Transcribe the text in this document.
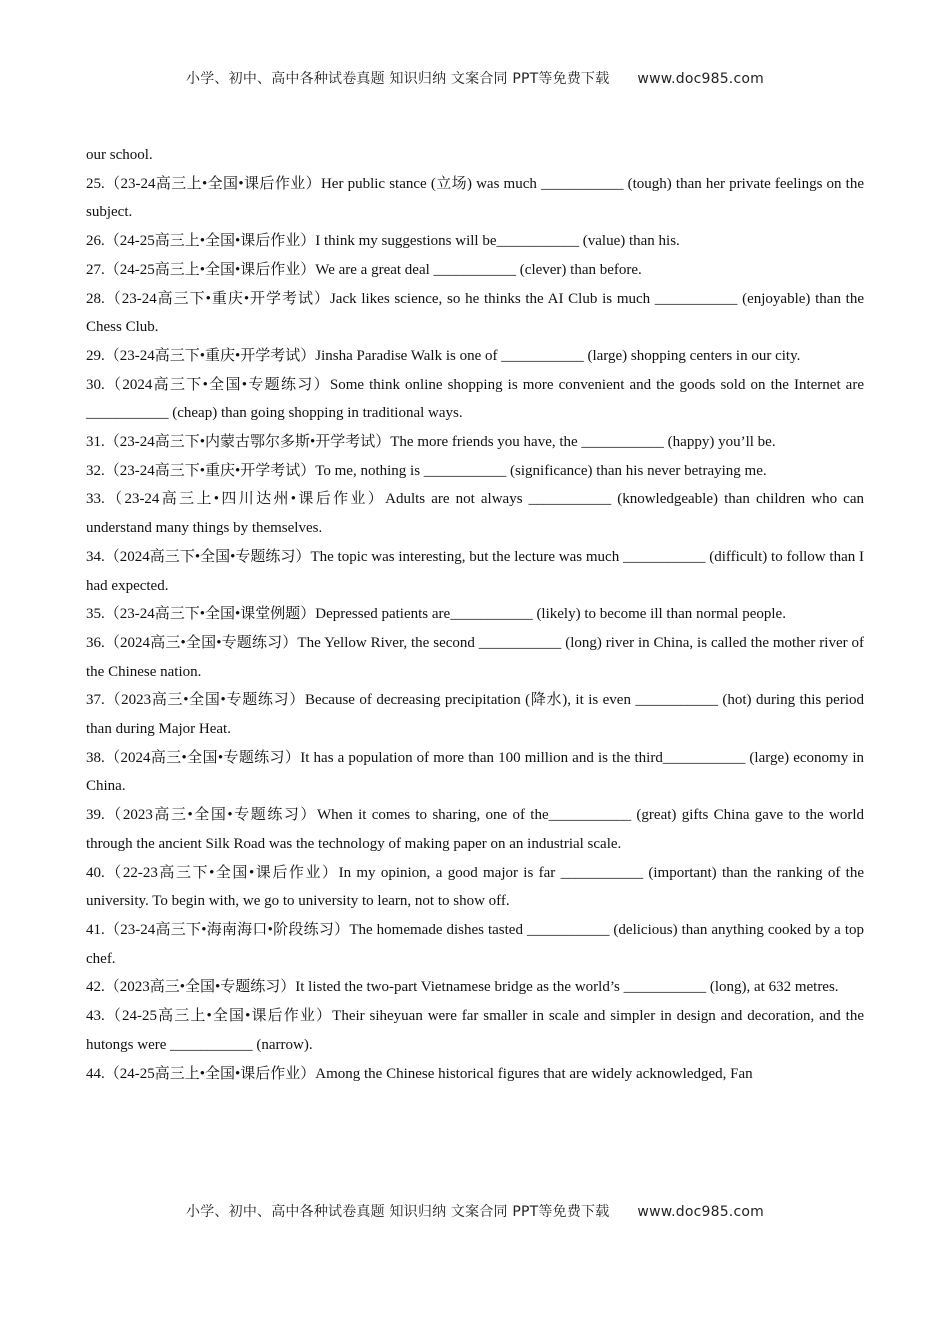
小学、初中、高中各种试卷真题 知识归纳 文案合同 PPT等免费下载 www.doc985.com

our school.

25.（23-24高三上•全国•课后作业）Her public stance (立场) was much ___________ (tough) than her private feelings on the subject.

26.（24-25高三上•全国•课后作业）I think my suggestions will be___________ (value) than his.

27.（24-25高三上•全国•课后作业）We are a great deal ___________ (clever) than before.

28.（23-24高三下•重庆•开学考试）Jack likes science, so he thinks the AI Club is much ___________ (enjoyable) than the Chess Club.

29.（23-24高三下•重庆•开学考试）Jinsha Paradise Walk is one of ___________ (large) shopping centers in our city.

30.（2024高三下•全国•专题练习）Some think online shopping is more convenient and the goods sold on the Internet are ___________ (cheap) than going shopping in traditional ways.

31.（23-24高三下•内蒙古鄂尔多斯•开学考试）The more friends you have, the ___________ (happy) you’ll be.

32.（23-24高三下•重庆•开学考试）To me, nothing is ___________ (significance) than his never betraying me.

33.（23-24高三上•四川达州•课后作业）Adults are not always ___________ (knowledgeable) than children who can understand many things by themselves.

34.（2024高三下•全国•专题练习）The topic was interesting, but the lecture was much ___________ (difficult) to follow than I had expected.

35.（23-24高三下•全国•课堂例题）Depressed patients are___________ (likely) to become ill than normal people.

36.（2024高三•全国•专题练习）The Yellow River, the second ___________ (long) river in China, is called the mother river of the Chinese nation.

37.（2023高三•全国•专题练习）Because of decreasing precipitation (降水), it is even ___________ (hot) during this period than during Major Heat.

38.（2024高三•全国•专题练习）It has a population of more than 100 million and is the third___________ (large) economy in China.

39.（2023高三•全国•专题练习）When it comes to sharing, one of the___________ (great) gifts China gave to the world through the ancient Silk Road was the technology of making paper on an industrial scale.

40.（22-23高三下•全国•课后作业）In my opinion, a good major is far ___________ (important) than the ranking of the university. To begin with, we go to university to learn, not to show off.

41.（23-24高三下•海南海口•阶段练习）The homemade dishes tasted ___________ (delicious) than anything cooked by a top chef.

42.（2023高三•全国•专题练习）It listed the two-part Vietnamese bridge as the world’s ___________ (long), at 632 metres.

43.（24-25高三上•全国•课后作业）Their siheyuan were far smaller in scale and simpler in design and decoration, and the hutongs were ___________ (narrow).

44.（24-25高三上•全国•课后作业）Among the Chinese historical figures that are widely acknowledged, Fan

小学、初中、高中各种试卷真题 知识归纳 文案合同 PPT等免费下载 www.doc985.com
